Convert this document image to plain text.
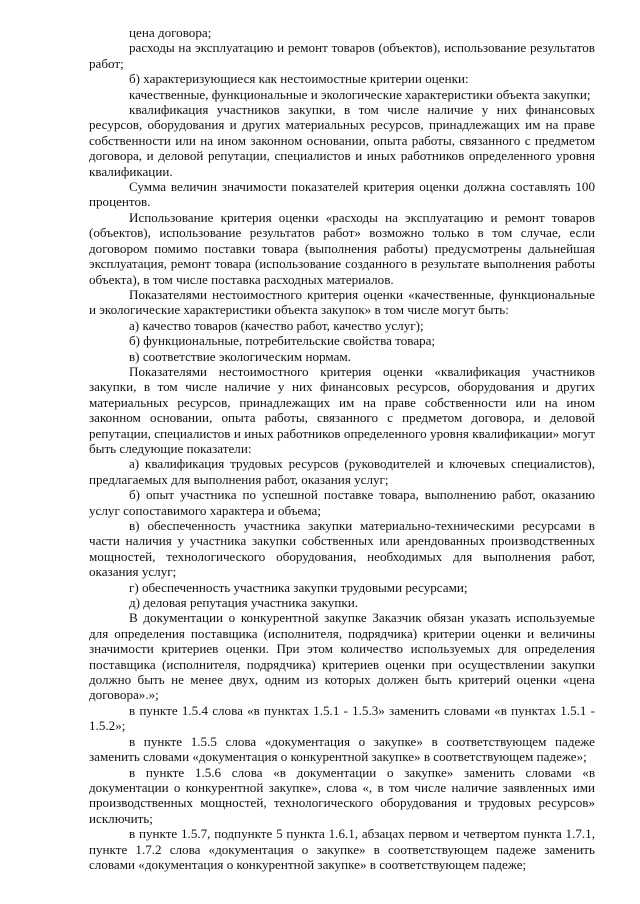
цена договора;

расходы на эксплуатацию и ремонт товаров (объектов), использование результатов работ;

б) характеризующиеся как нестоимостные критерии оценки:

качественные, функциональные и экологические характеристики объекта закупки;

квалификация участников закупки, в том числе наличие у них финансовых ресурсов, оборудования и других материальных ресурсов, принадлежащих им на праве собственности или на ином законном основании, опыта работы, связанного с предметом договора, и деловой репутации, специалистов и иных работников определенного уровня квалификации.

Сумма величин значимости показателей критерия оценки должна составлять 100 процентов.

Использование критерия оценки «расходы на эксплуатацию и ремонт товаров (объектов), использование результатов работ» возможно только в том случае, если договором помимо поставки товара (выполнения работы) предусмотрены дальнейшая эксплуатация, ремонт товара (использование созданного в результате выполнения работы объекта), в том числе поставка расходных материалов.

Показателями нестоимостного критерия оценки «качественные, функциональные и экологические характеристики объекта закупок» в том числе могут быть:

а) качество товаров (качество работ, качество услуг);

б) функциональные, потребительские свойства товара;

в) соответствие экологическим нормам.

Показателями нестоимостного критерия оценки «квалификация участников закупки, в том числе наличие у них финансовых ресурсов, оборудования и других материальных ресурсов, принадлежащих им на праве собственности или на ином законном основании, опыта работы, связанного с предметом договора, и деловой репутации, специалистов и иных работников определенного уровня квалификации» могут быть следующие показатели:

а) квалификация трудовых ресурсов (руководителей и ключевых специалистов), предлагаемых для выполнения работ, оказания услуг;

б) опыт участника по успешной поставке товара, выполнению работ, оказанию услуг сопоставимого характера и объема;

в) обеспеченность участника закупки материально-техническими ресурсами в части наличия у участника закупки собственных или арендованных производственных мощностей, технологического оборудования, необходимых для выполнения работ, оказания услуг;

г) обеспеченность участника закупки трудовыми ресурсами;

д) деловая репутация участника закупки.

В документации о конкурентной закупке Заказчик обязан указать используемые для определения поставщика (исполнителя, подрядчика) критерии оценки и величины значимости критериев оценки. При этом количество используемых для определения поставщика (исполнителя, подрядчика) критериев оценки при осуществлении закупки должно быть не менее двух, одним из которых должен быть критерий оценки «цена договора».»;

в пункте 1.5.4 слова «в пунктах 1.5.1 - 1.5.3» заменить словами «в пунктах 1.5.1 - 1.5.2»;

в пункте 1.5.5 слова «документация о закупке» в соответствующем падеже заменить словами «документация о конкурентной закупке» в соответствующем падеже»;

в пункте 1.5.6 слова «в документации о закупке» заменить словами «в документации о конкурентной закупке», слова «, в том числе наличие заявленных ими производственных мощностей, технологического оборудования и трудовых ресурсов» исключить;

в пункте 1.5.7, подпункте 5 пункта 1.6.1, абзацах первом и четвертом пункта 1.7.1, пункте 1.7.2 слова «документация о закупке» в соответствующем падеже заменить словами «документация о конкурентной закупке» в соответствующем падеже;
